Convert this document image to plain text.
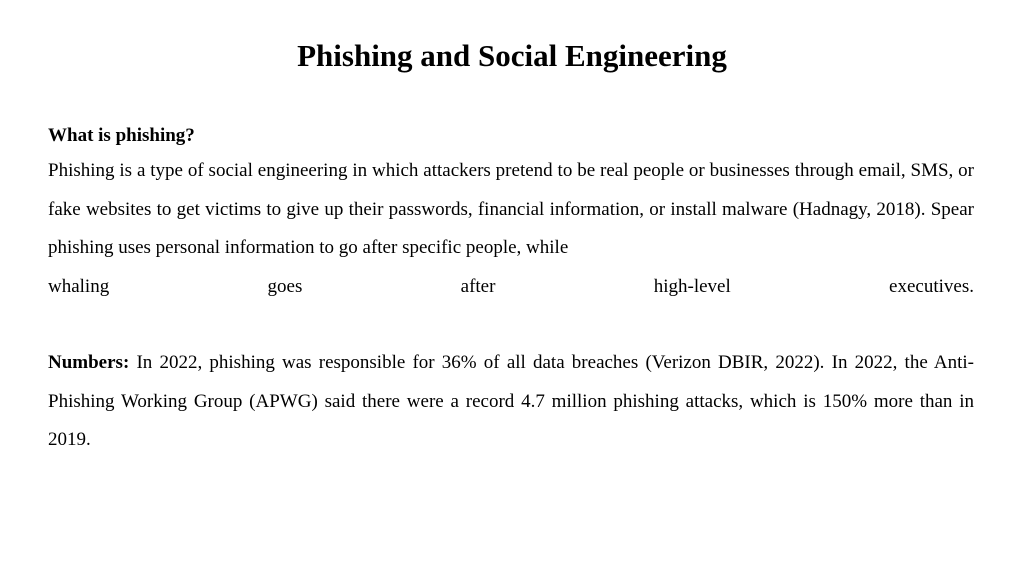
Phishing and Social Engineering
What is phishing?

Phishing is a type of social engineering in which attackers pretend to be real people or businesses through email, SMS, or fake websites to get victims to give up their passwords, financial information, or install malware (Hadnagy, 2018). Spear phishing uses personal information to go after specific people, while

whaling goes after high-level executives.

Numbers: In 2022, phishing was responsible for 36% of all data breaches (Verizon DBIR, 2022). In 2022, the Anti-Phishing Working Group (APWG) said there were a record 4.7 million phishing attacks, which is 150% more than in 2019.
